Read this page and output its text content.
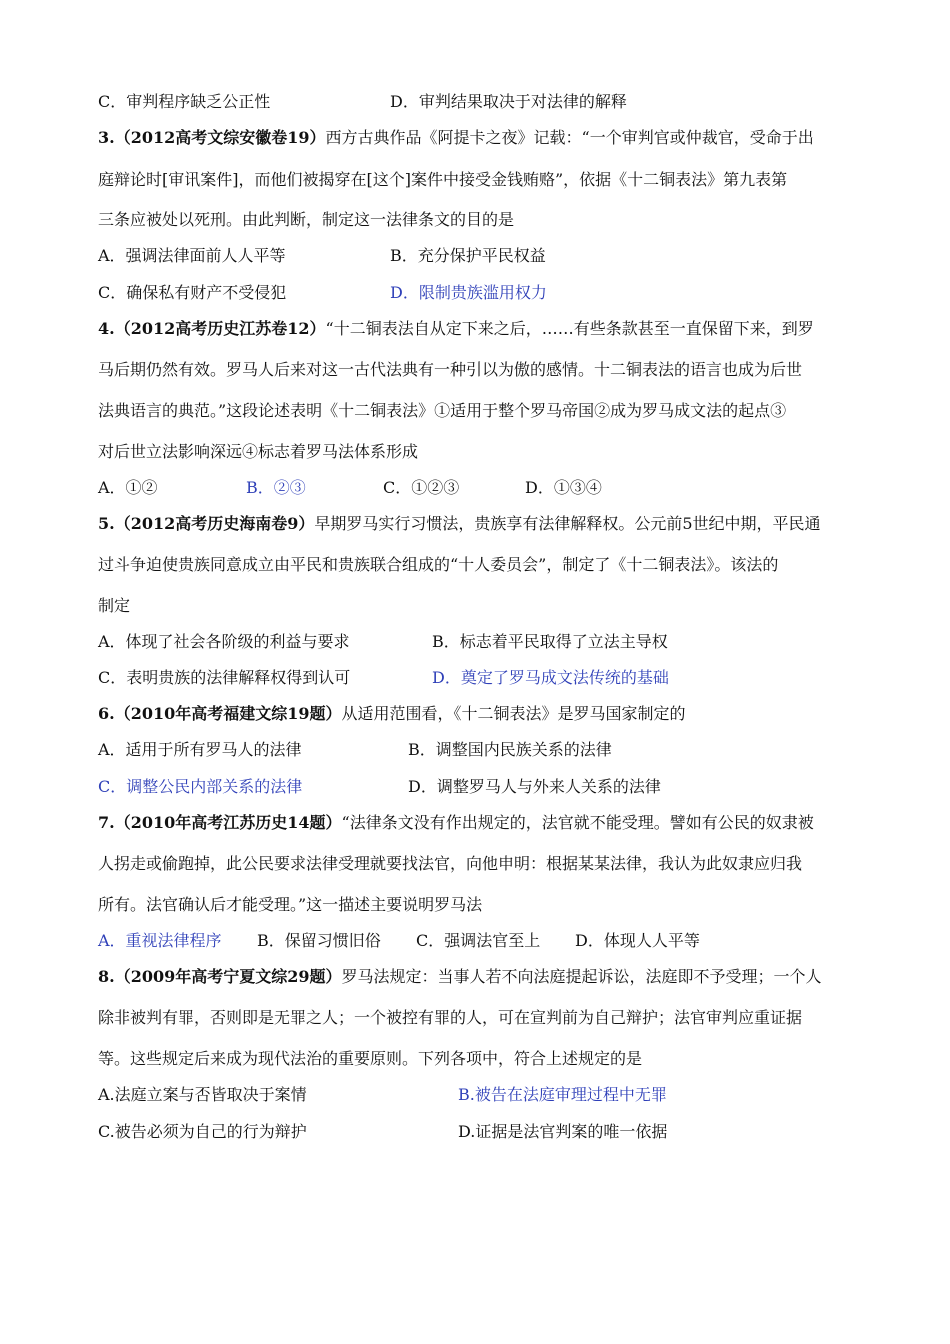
C．审判程序缺乏公正性	D．审判结果取决于对法律的解释
3.（2012高考文综安徽卷19）西方古典作品《阿提卡之夜》记载：“一个审判官或仲裁官，受命于出
庭辩论时[审讯案件]，而他们被揭穿在[这个]案件中接受金钱贿赂”，依据《十二铜表法》第九表第
三条应被处以死刑。由此判断，制定这一法律条文的目的是
A．强调法律面前人人平等	B．充分保护平民权益
C．确保私有财产不受侵犯	D．限制贵族滥用权力
4.（2012高考历史江苏卷12）“十二铜表法自从定下来之后，……有些条款甚至一直保留下来，到罗
马后期仍然有效。罗马人后来对这一古代法典有一种引以为傲的感情。十二铜表法的语言也成为后世
法典语言的典范。”这段论述表明《十二铜表法》①适用于整个罗马帝国②成为罗马成文法的起点③
对后世立法影响深远④标志着罗马法体系形成
A．①②	B．②③	C．①②③	D．①③④
5.（2012高考历史海南卷9）早期罗马实行习惯法，贵族享有法律解释权。公元前5世纪中期，平民通
过斗争迫使贵族同意成立由平民和贵族联合组成的“十人委员会”，制定了《十二铜表法》。该法的
制定
A．体现了社会各阶级的利益与要求	B．标志着平民取得了立法主导权
C．表明贵族的法律解释权得到认可	D．奠定了罗马成文法传统的基础
6.（2010年高考福建文综19题）从适用范围看，《十二铜表法》是罗马国家制定的
A．适用于所有罗马人的法律	B．调整国内民族关系的法律
C．调整公民内部关系的法律	D．调整罗马人与外来人关系的法律
7.（2010年高考江苏历史14题）“法律条文没有作出规定的，法官就不能受理。譬如有公民的奴隶被
人拐走或偷跑掉，此公民要求法律受理就要找法官，向他申明：根据某某法律，我认为此奴隶应归我
所有。法官确认后才能受理。”这一描述主要说明罗马法
A．重视法律程序 B．保留习惯旧俗 C．强调法官至上 D．体现人人平等
8.（2009年高考宁夏文综29题）罗马法规定：当事人若不向法庭提起诉讼，法庭即不予受理；一个人
除非被判有罪，否则即是无罪之人；一个被控有罪的人，可在宣判前为自己辩护；法官审判应重证据
等。这些规定后来成为现代法治的重要原则。下列各项中，符合上述规定的是
A.法庭立案与否皆取决于案情	B.被告在法庭审理过程中无罪
C.被告必须为自己的行为辩护	D.证据是法官判案的唯一依据
